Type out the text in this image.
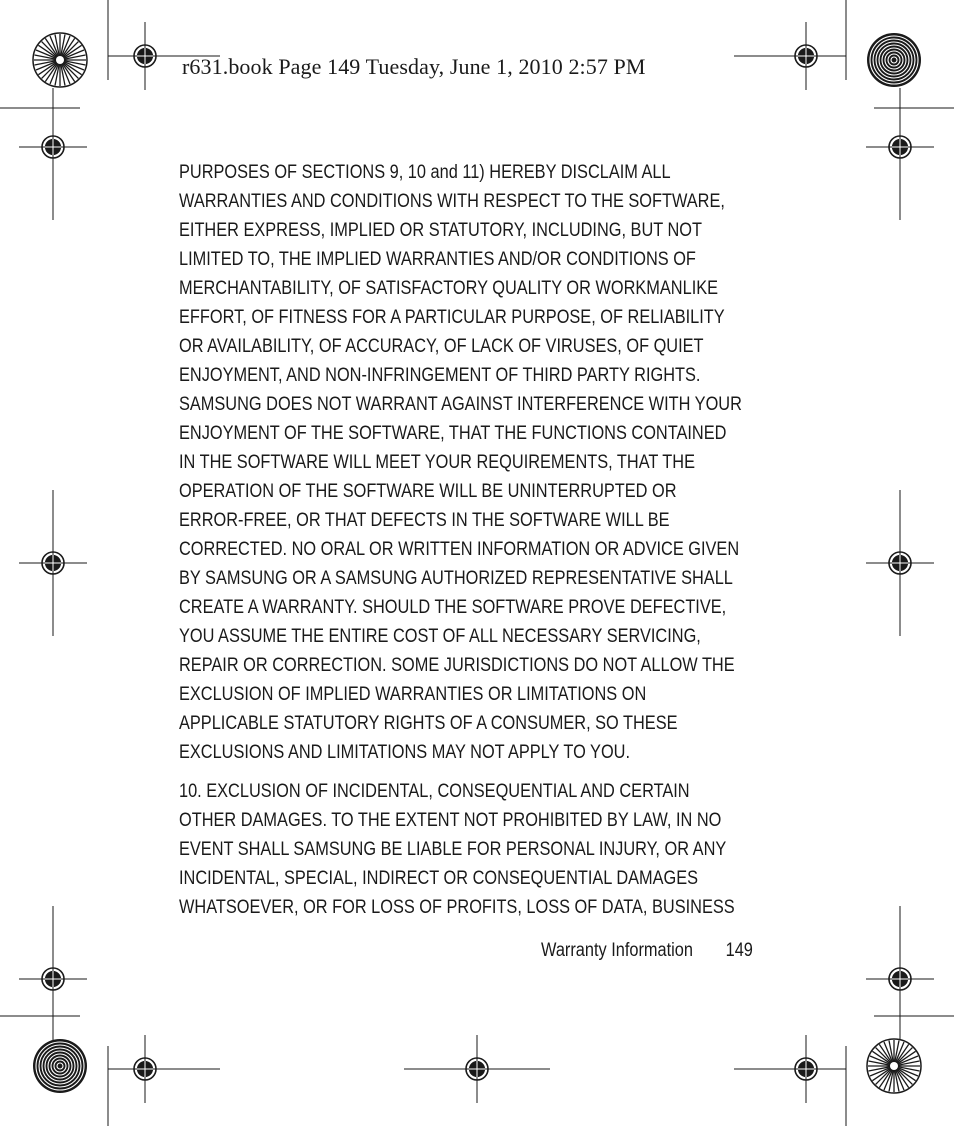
r631.book Page 149 Tuesday, June 1, 2010 2:57 PM
PURPOSES OF SECTIONS 9, 10 and 11) HEREBY DISCLAIM ALL
WARRANTIES AND CONDITIONS WITH RESPECT TO THE SOFTWARE,
EITHER EXPRESS, IMPLIED OR STATUTORY, INCLUDING, BUT NOT
LIMITED TO, THE IMPLIED WARRANTIES AND/OR CONDITIONS OF
MERCHANTABILITY, OF SATISFACTORY QUALITY OR WORKMANLIKE
EFFORT, OF FITNESS FOR A PARTICULAR PURPOSE, OF RELIABILITY
OR AVAILABILITY, OF ACCURACY, OF LACK OF VIRUSES, OF QUIET
ENJOYMENT, AND NON-INFRINGEMENT OF THIRD PARTY RIGHTS.
SAMSUNG DOES NOT WARRANT AGAINST INTERFERENCE WITH YOUR
ENJOYMENT OF THE SOFTWARE, THAT THE FUNCTIONS CONTAINED
IN THE SOFTWARE WILL MEET YOUR REQUIREMENTS, THAT THE
OPERATION OF THE SOFTWARE WILL BE UNINTERRUPTED OR
ERROR-FREE, OR THAT DEFECTS IN THE SOFTWARE WILL BE
CORRECTED. NO ORAL OR WRITTEN INFORMATION OR ADVICE GIVEN
BY SAMSUNG OR A SAMSUNG AUTHORIZED REPRESENTATIVE SHALL
CREATE A WARRANTY. SHOULD THE SOFTWARE PROVE DEFECTIVE,
YOU ASSUME THE ENTIRE COST OF ALL NECESSARY SERVICING,
REPAIR OR CORRECTION. SOME JURISDICTIONS DO NOT ALLOW THE
EXCLUSION OF IMPLIED WARRANTIES OR LIMITATIONS ON
APPLICABLE STATUTORY RIGHTS OF A CONSUMER, SO THESE
EXCLUSIONS AND LIMITATIONS MAY NOT APPLY TO YOU.
10. EXCLUSION OF INCIDENTAL, CONSEQUENTIAL AND CERTAIN
OTHER DAMAGES. TO THE EXTENT NOT PROHIBITED BY LAW, IN NO
EVENT SHALL SAMSUNG BE LIABLE FOR PERSONAL INJURY, OR ANY
INCIDENTAL, SPECIAL, INDIRECT OR CONSEQUENTIAL DAMAGES
WHATSOEVER, OR FOR LOSS OF PROFITS, LOSS OF DATA, BUSINESS
Warranty Information 149
